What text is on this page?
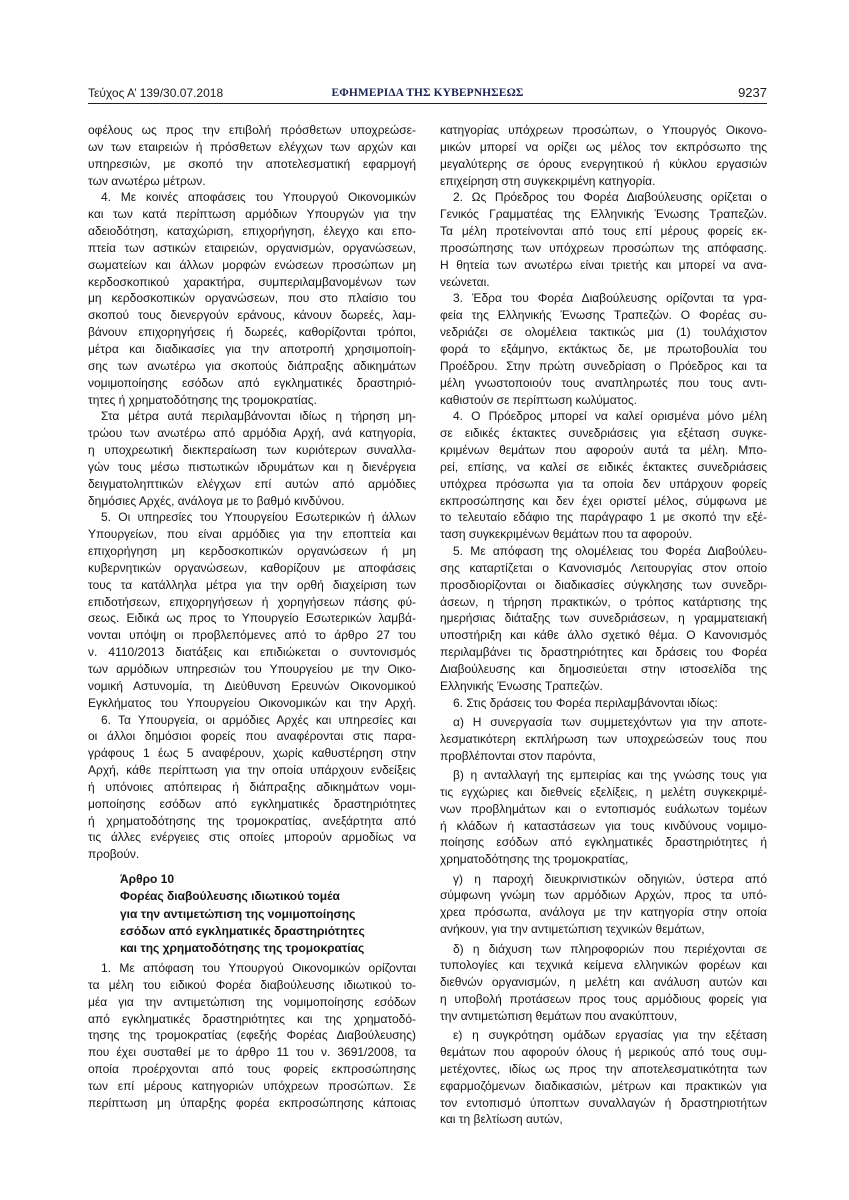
Τεύχος Α’ 139/30.07.2018	ΕΦΗΜΕΡΙΔΑ ΤΗΣ ΚΥΒΕΡΝΗΣΕΩΣ	9237
οφέλους ως προς την επιβολή πρόσθετων υποχρεώσε-
ων των εταιρειών ή πρόσθετων ελέγχων των αρχών και
υπηρεσιών, με σκοπό την αποτελεσματική εφαρμογή
των ανωτέρω μέτρων.
4. Με κοινές αποφάσεις του Υπουργού Οικονομικών
και των κατά περίπτωση αρμόδιων Υπουργών για την
αδειοδότηση, καταχώριση, επιχορήγηση, έλεγχο και επο-
πτεία των αστικών εταιρειών, οργανισμών, οργανώσεων,
σωματείων και άλλων μορφών ενώσεων προσώπων μη
κερδοσκοπικού χαρακτήρα, συμπεριλαμβανομένων των
μη κερδοσκοπικών οργανώσεων, που στο πλαίσιο του
σκοπού τους διενεργούν εράνους, κάνουν δωρεές, λαμ-
βάνουν επιχορηγήσεις ή δωρεές, καθορίζονται τρόποι,
μέτρα και διαδικασίες για την αποτροπή χρησιμοποίη-
σης των ανωτέρω για σκοπούς διάπραξης αδικημάτων
νομιμοποίησης εσόδων από εγκληματικές δραστηριό-
τητες ή χρηματοδότησης της τρομοκρατίας.
Στα μέτρα αυτά περιλαμβάνονται ιδίως η τήρηση μη-
τρώου των ανωτέρω από αρμόδια Αρχή, ανά κατηγορία,
η υποχρεωτική διεκπεραίωση των κυριότερων συναλλα-
γών τους μέσω πιστωτικών ιδρυμάτων και η διενέργεια
δειγματοληπτικών ελέγχων επί αυτών από αρμόδιες
δημόσιες Αρχές, ανάλογα με το βαθμό κινδύνου.
5. Οι υπηρεσίες του Υπουργείου Εσωτερικών ή άλλων
Υπουργείων, που είναι αρμόδιες για την εποπτεία και
επιχορήγηση μη κερδοσκοπικών οργανώσεων ή μη
κυβερνητικών οργανώσεων, καθορίζουν με αποφάσεις
τους τα κατάλληλα μέτρα για την ορθή διαχείριση των
επιδοτήσεων, επιχορηγήσεων ή χορηγήσεων πάσης φύ-
σεως. Ειδικά ως προς το Υπουργείο Εσωτερικών λαμβά-
νονται υπόψη οι προβλεπόμενες από το άρθρο 27 του
ν. 4110/2013 διατάξεις και επιδιώκεται ο συντονισμός
των αρμόδιων υπηρεσιών του Υπουργείου με την Οικο-
νομική Αστυνομία, τη Διεύθυνση Ερευνών Οικονομικού
Εγκλήματος του Υπουργείου Οικονομικών και την Αρχή.
6. Τα Υπουργεία, οι αρμόδιες Αρχές και υπηρεσίες και
οι άλλοι δημόσιοι φορείς που αναφέρονται στις παρα-
γράφους 1 έως 5 αναφέρουν, χωρίς καθυστέρηση στην
Αρχή, κάθε περίπτωση για την οποία υπάρχουν ενδείξεις
ή υπόνοιες απόπειρας ή διάπραξης αδικημάτων νομι-
μοποίησης εσόδων από εγκληματικές δραστηριότητες
ή χρηματοδότησης της τρομοκρατίας, ανεξάρτητα από
τις άλλες ενέργειες στις οποίες μπορούν αρμοδίως να
προβούν.
Άρθρο 10
Φορέας διαβούλευσης ιδιωτικού τομέα
για την αντιμετώπιση της νομιμοποίησης
εσόδων από εγκληματικές δραστηριότητες
και της χρηματοδότησης της τρομοκρατίας
1. Με απόφαση του Υπουργού Οικονομικών ορίζονται
τα μέλη του ειδικού Φορέα διαβούλευσης ιδιωτικού το-
μέα για την αντιμετώπιση της νομιμοποίησης εσόδων
από εγκληματικές δραστηριότητες και της χρηματοδό-
τησης της τρομοκρατίας (εφεξής Φορέας Διαβούλευσης)
που έχει συσταθεί με το άρθρο 11 του ν. 3691/2008, τα
οποία προέρχονται από τους φορείς εκπροσώπησης
των επί μέρους κατηγοριών υπόχρεων προσώπων. Σε
περίπτωση μη ύπαρξης φορέα εκπροσώπησης κάποιας
κατηγορίας υπόχρεων προσώπων, ο Υπουργός Οικονο-
μικών μπορεί να ορίζει ως μέλος τον εκπρόσωπο της
μεγαλύτερης σε όρους ενεργητικού ή κύκλου εργασιών
επιχείρηση στη συγκεκριμένη κατηγορία.
2. Ως Πρόεδρος του Φορέα Διαβούλευσης ορίζεται ο
Γενικός Γραμματέας της Ελληνικής Ένωσης Τραπεζών.
Τα μέλη προτείνονται από τους επί μέρους φορείς εκ-
προσώπησης των υπόχρεων προσώπων της απόφασης.
Η θητεία των ανωτέρω είναι τριετής και μπορεί να ανα-
νεώνεται.
3. Έδρα του Φορέα Διαβούλευσης ορίζονται τα γρα-
φεία της Ελληνικής Ένωσης Τραπεζών. Ο Φορέας συ-
νεδριάζει σε ολομέλεια τακτικώς μια (1) τουλάχιστον
φορά το εξάμηνο, εκτάκτως δε, με πρωτοβουλία του
Προέδρου. Στην πρώτη συνεδρίαση ο Πρόεδρος και τα
μέλη γνωστοποιούν τους αναπληρωτές που τους αντι-
καθιστούν σε περίπτωση κωλύματος.
4. Ο Πρόεδρος μπορεί να καλεί ορισμένα μόνο μέλη
σε ειδικές έκτακτες συνεδριάσεις για εξέταση συγκε-
κριμένων θεμάτων που αφορούν αυτά τα μέλη. Μπο-
ρεί, επίσης, να καλεί σε ειδικές έκτακτες συνεδριάσεις
υπόχρεα πρόσωπα για τα οποία δεν υπάρχουν φορείς
εκπροσώπησης και δεν έχει οριστεί μέλος, σύμφωνα με
το τελευταίο εδάφιο της παράγραφο 1 με σκοπό την εξέ-
ταση συγκεκριμένων θεμάτων που τα αφορούν.
5. Με απόφαση της ολομέλειας του Φορέα Διαβούλευ-
σης καταρτίζεται ο Κανονισμός Λειτουργίας στον οποίο
προσδιορίζονται οι διαδικασίες σύγκλησης των συνεδρι-
άσεων, η τήρηση πρακτικών, ο τρόπος κατάρτισης της
ημερήσιας διάταξης των συνεδριάσεων, η γραμματειακή
υποστήριξη και κάθε άλλο σχετικό θέμα. Ο Κανονισμός
περιλαμβάνει τις δραστηριότητες και δράσεις του Φορέα
Διαβούλευσης και δημοσιεύεται στην ιστοσελίδα της
Ελληνικής Ένωσης Τραπεζών.
6. Στις δράσεις του Φορέα περιλαμβάνονται ιδίως:
α) Η συνεργασία των συμμετεχόντων για την αποτε-
λεσματικότερη εκπλήρωση των υποχρεώσεών τους που
προβλέπονται στον παρόντα,
β) η ανταλλαγή της εμπειρίας και της γνώσης τους για
τις εγχώριες και διεθνείς εξελίξεις, η μελέτη συγκεκριμέ-
νων προβλημάτων και ο εντοπισμός ευάλωτων τομέων
ή κλάδων ή καταστάσεων για τους κινδύνους νομιμο-
ποίησης εσόδων από εγκληματικές δραστηριότητες ή
χρηματοδότησης της τρομοκρατίας,
γ) η παροχή διευκρινιστικών οδηγιών, ύστερα από
σύμφωνη γνώμη των αρμόδιων Αρχών, προς τα υπό-
χρεα πρόσωπα, ανάλογα με την κατηγορία στην οποία
ανήκουν, για την αντιμετώπιση τεχνικών θεμάτων,
δ) η διάχυση των πληροφοριών που περιέχονται σε
τυπολογίες και τεχνικά κείμενα ελληνικών φορέων και
διεθνών οργανισμών, η μελέτη και ανάλυση αυτών και
η υποβολή προτάσεων προς τους αρμόδιους φορείς για
την αντιμετώπιση θεμάτων που ανακύπτουν,
ε) η συγκρότηση ομάδων εργασίας για την εξέταση
θεμάτων που αφορούν όλους ή μερικούς από τους συμ-
μετέχοντες, ιδίως ως προς την αποτελεσματικότητα των
εφαρμοζόμενων διαδικασιών, μέτρων και πρακτικών για
τον εντοπισμό ύποπτων συναλλαγών ή δραστηριοτήτων
και τη βελτίωση αυτών,
